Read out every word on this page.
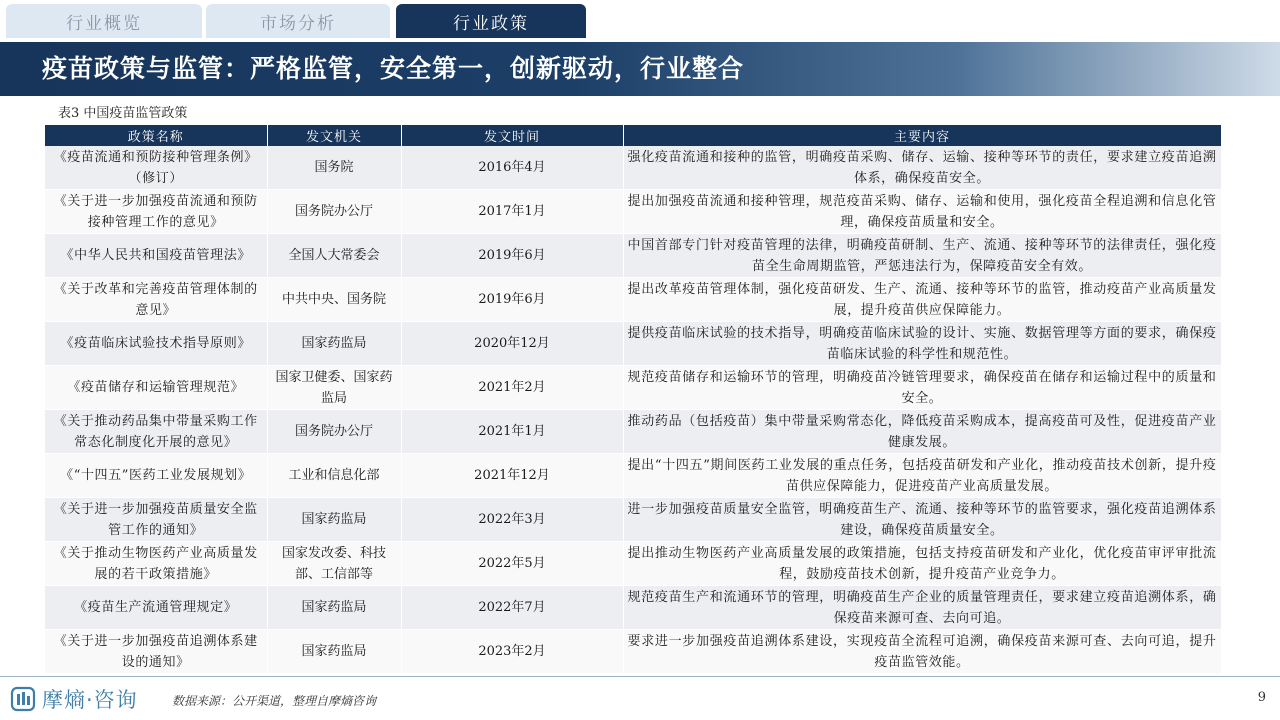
行业概览	市场分析	行业政策
疫苗政策与监管：严格监管，安全第一，创新驱动，行业整合
表3 中国疫苗监管政策
政策名称	发文机关	发文时间	主要内容
《疫苗流通和预防接种管理条例》（修订）	国务院	2016年4月	强化疫苗流通和接种的监管，明确疫苗采购、储存、运输、接种等环节的责任，要求建立疫苗追溯体系，确保疫苗安全。
《关于进一步加强疫苗流通和预防接种管理工作的意见》	国务院办公厅	2017年1月	提出加强疫苗流通和接种管理，规范疫苗采购、储存、运输和使用，强化疫苗全程追溯和信息化管理，确保疫苗质量和安全。
《中华人民共和国疫苗管理法》	全国人大常委会	2019年6月	中国首部专门针对疫苗管理的法律，明确疫苗研制、生产、流通、接种等环节的法律责任，强化疫苗全生命周期监管，严惩违法行为，保障疫苗安全有效。
《关于改革和完善疫苗管理体制的意见》	中共中央、国务院	2019年6月	提出改革疫苗管理体制，强化疫苗研发、生产、流通、接种等环节的监管，推动疫苗产业高质量发展，提升疫苗供应保障能力。
《疫苗临床试验技术指导原则》	国家药监局	2020年12月	提供疫苗临床试验的技术指导，明确疫苗临床试验的设计、实施、数据管理等方面的要求，确保疫苗临床试验的科学性和规范性。
《疫苗储存和运输管理规范》	国家卫健委、国家药监局	2021年2月	规范疫苗储存和运输环节的管理，明确疫苗冷链管理要求，确保疫苗在储存和运输过程中的质量和安全。
《关于推动药品集中带量采购工作常态化制度化开展的意见》	国务院办公厅	2021年1月	推动药品（包括疫苗）集中带量采购常态化，降低疫苗采购成本，提高疫苗可及性，促进疫苗产业健康发展。
《“十四五”医药工业发展规划》	工业和信息化部	2021年12月	提出“十四五”期间医药工业发展的重点任务，包括疫苗研发和产业化，推动疫苗技术创新，提升疫苗供应保障能力，促进疫苗产业高质量发展。
《关于进一步加强疫苗质量安全监管工作的通知》	国家药监局	2022年3月	进一步加强疫苗质量安全监管，明确疫苗生产、流通、接种等环节的监管要求，强化疫苗追溯体系建设，确保疫苗质量安全。
《关于推动生物医药产业高质量发展的若干政策措施》	国家发改委、科技部、工信部等	2022年5月	提出推动生物医药产业高质量发展的政策措施，包括支持疫苗研发和产业化，优化疫苗审评审批流程，鼓励疫苗技术创新，提升疫苗产业竞争力。
《疫苗生产流通管理规定》	国家药监局	2022年7月	规范疫苗生产和流通环节的管理，明确疫苗生产企业的质量管理责任，要求建立疫苗追溯体系，确保疫苗来源可查、去向可追。
《关于进一步加强疫苗追溯体系建设的通知》	国家药监局	2023年2月	要求进一步加强疫苗追溯体系建设，实现疫苗全流程可追溯，确保疫苗来源可查、去向可追，提升疫苗监管效能。
摩熵·咨询	数据来源：公开渠道，整理自摩熵咨询	9
